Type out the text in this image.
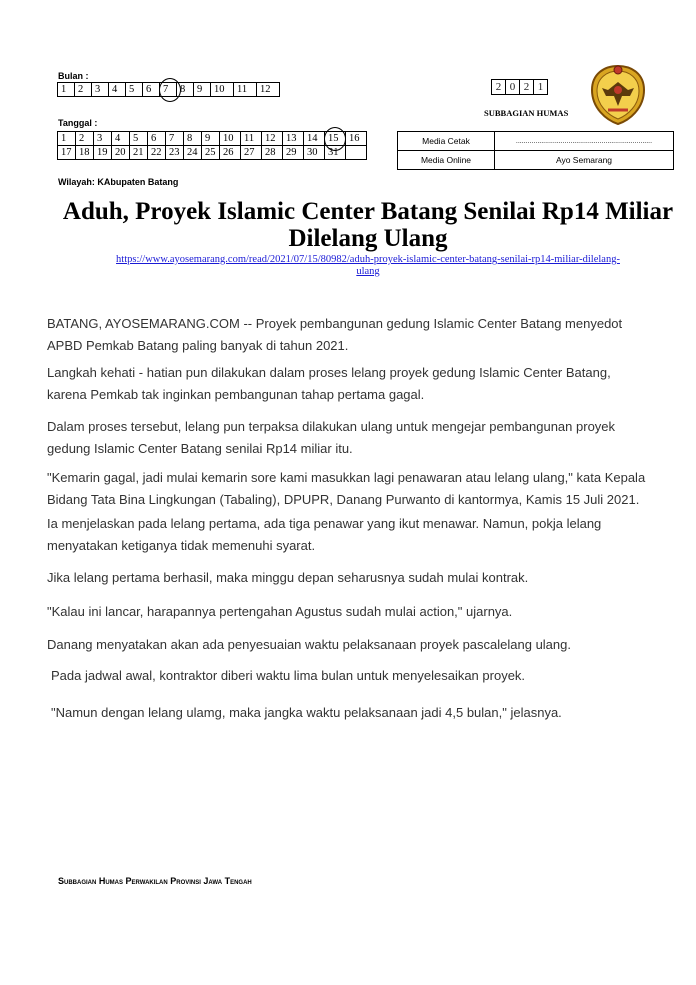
Bulan :
1	2	3	4	5	6	7	8	9	10	11	12
Tanggal :
1	2	3	4	5	6	7	8	9	10	11	12	13	14	15	16
17	18	19	20	21	22	23	24	25	26	27	28	29	30	31	
2	0	2	1
SUBBAGIAN HUMAS
Media Cetak	......................................................................
Media Online	Ayo Semarang
Wilayah: KAbupaten Batang
Aduh, Proyek Islamic Center Batang Senilai Rp14 Miliar
Dilelang Ulang
https://www.ayosemarang.com/read/2021/07/15/80982/aduh-proyek-islamic-center-batang-senilai-rp14-miliar-dilelang-
ulang
BATANG, AYOSEMARANG.COM -- Proyek pembangunan gedung Islamic Center Batang menyedot
APBD Pemkab Batang paling banyak di tahun 2021.
Langkah kehati - hatian pun dilakukan dalam proses lelang proyek gedung Islamic Center Batang,
karena Pemkab tak inginkan pembangunan tahap pertama gagal.
Dalam proses tersebut, lelang pun terpaksa dilakukan ulang untuk mengejar pembangunan proyek
gedung Islamic Center Batang senilai Rp14 miliar itu.
"Kemarin gagal, jadi mulai kemarin sore kami masukkan lagi penawaran atau lelang ulang," kata Kepala
Bidang Tata Bina Lingkungan (Tabaling), DPUPR, Danang Purwanto di kantormya, Kamis 15 Juli 2021.
Ia menjelaskan pada lelang pertama, ada tiga penawar yang ikut menawar. Namun, pokja lelang
menyatakan ketiganya tidak memenuhi syarat.
Jika lelang pertama berhasil, maka minggu depan seharusnya sudah mulai kontrak.
"Kalau ini lancar, harapannya pertengahan Agustus sudah mulai action," ujarnya.
Danang menyatakan akan ada penyesuaian waktu pelaksanaan proyek pascalelang ulang.
Pada jadwal awal, kontraktor diberi waktu lima bulan untuk menyelesaikan proyek.
"Namun dengan lelang ulamg, maka jangka waktu pelaksanaan jadi 4,5 bulan," jelasnya.
Subbagian Humas Perwakilan Provinsi Jawa Tengah
